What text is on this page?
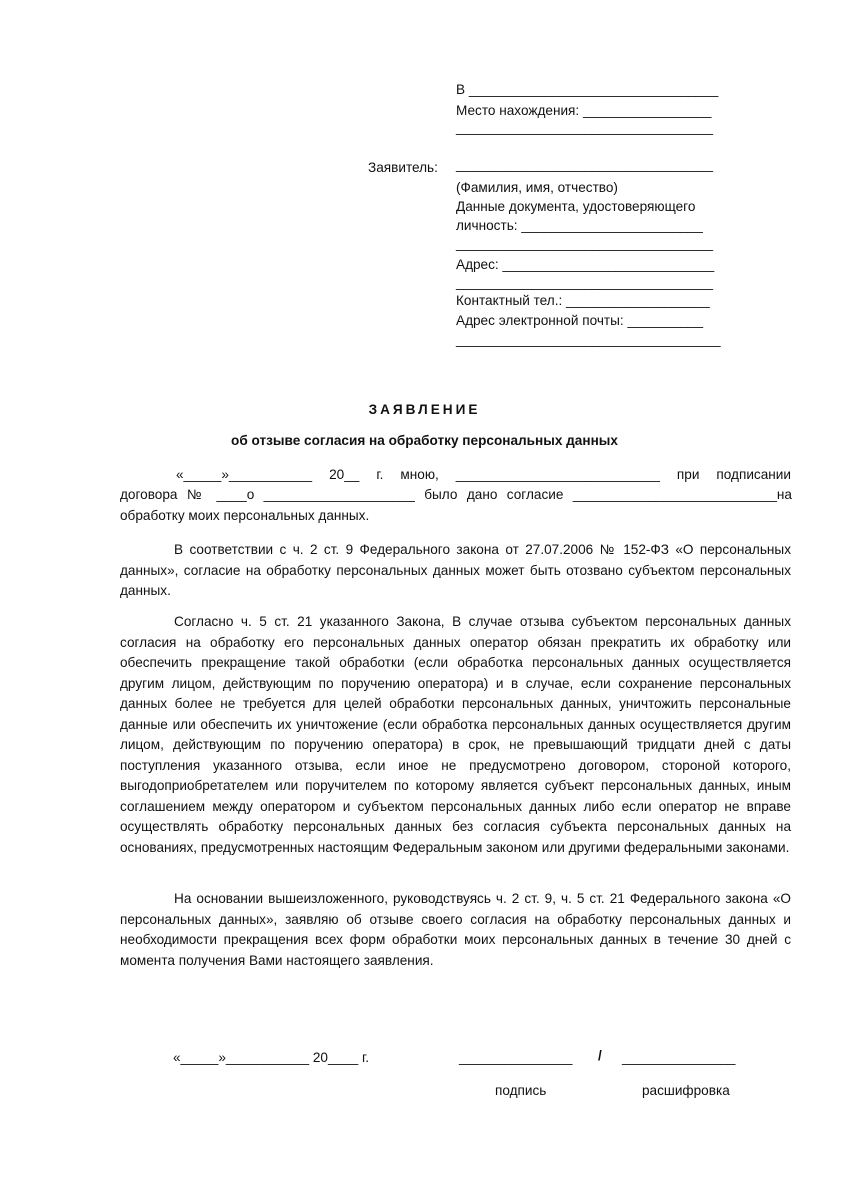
В _________________________________
Место нахождения: _________________
__________________________________
Заявитель: __________________________________
(Фамилия, имя, отчество)
Данные документа, удостоверяющего
личность: ________________________
__________________________________
Адрес: ____________________________
__________________________________
Контактный тел.: ___________________
Адрес электронной почты: __________
___________________________________
ЗАЯВЛЕНИЕ
об отзыве согласия на обработку персональных данных
«_____»___________ 20__ г. мною, ___________________________ при подписании
договора № ____о ____________________ было дано согласие ___________________________на
обработку моих персональных данных.
В соответствии с ч. 2 ст. 9 Федерального закона от 27.07.2006 № 152-ФЗ «О персональных данных», согласие на обработку персональных данных может быть отозвано субъектом персональных данных.
Согласно ч. 5 ст. 21 указанного Закона, В случае отзыва субъектом персональных данных согласия на обработку его персональных данных оператор обязан прекратить их обработку или обеспечить прекращение такой обработки (если обработка персональных данных осуществляется другим лицом, действующим по поручению оператора) и в случае, если сохранение персональных данных более не требуется для целей обработки персональных данных, уничтожить персональные данные или обеспечить их уничтожение (если обработка персональных данных осуществляется другим лицом, действующим по поручению оператора) в срок, не превышающий тридцати дней с даты поступления указанного отзыва, если иное не предусмотрено договором, стороной которого, выгодоприобретателем или поручителем по которому является субъект персональных данных, иным соглашением между оператором и субъектом персональных данных либо если оператор не вправе осуществлять обработку персональных данных без согласия субъекта персональных данных на основаниях, предусмотренных настоящим Федеральным законом или другими федеральными законами.
На основании вышеизложенного, руководствуясь ч. 2 ст. 9, ч. 5 ст. 21 Федерального закона «О персональных данных», заявляю об отзыве своего согласия на обработку персональных данных и необходимости прекращения всех форм обработки моих персональных данных в течение 30 дней с момента получения Вами настоящего заявления.
«_____»___________ 20____ г.	_______________ / _______________
подпись	расшифровка
